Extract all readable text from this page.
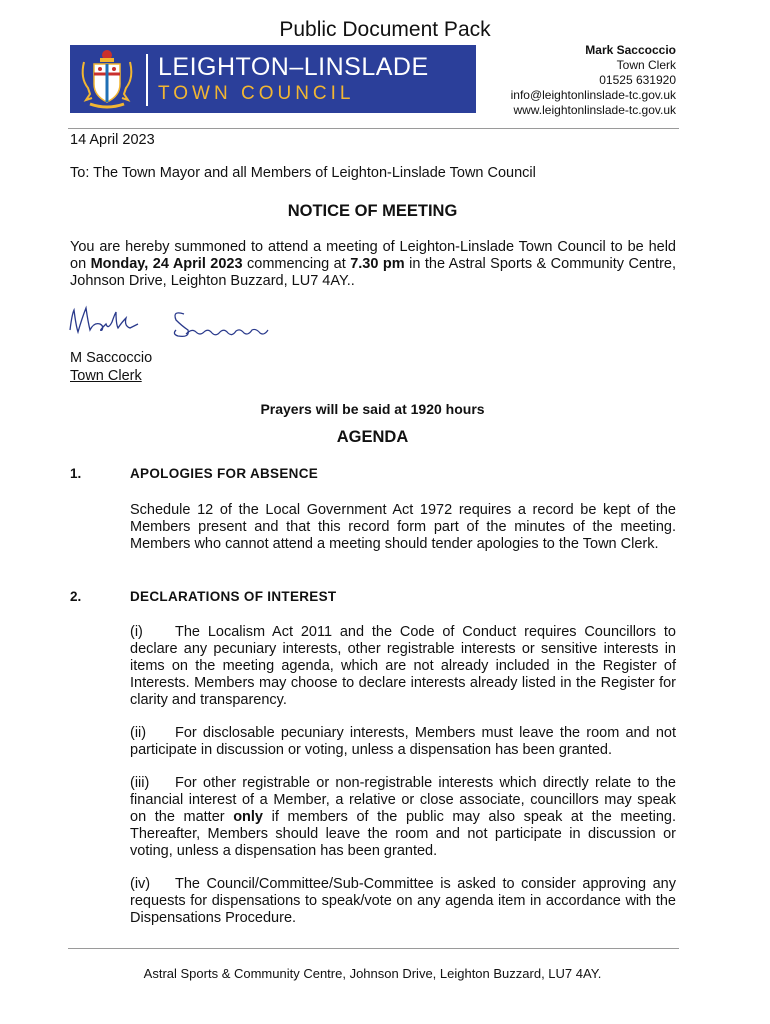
Public Document Pack
LEIGHTON–LINSLADE
TOWN COUNCIL
Mark Saccoccio
Town Clerk
01525 631920
info@leightonlinslade-tc.gov.uk
www.leightonlinslade-tc.gov.uk
14 April 2023
To: The Town Mayor and all Members of Leighton-Linslade Town Council
NOTICE OF MEETING
You are hereby summoned to attend a meeting of Leighton-Linslade Town Council to be held on Monday, 24 April 2023 commencing at 7.30 pm in the Astral Sports & Community Centre, Johnson Drive, Leighton Buzzard, LU7 4AY..
M Saccoccio
Town Clerk
Prayers will be said at 1920 hours
AGENDA
1.	APOLOGIES FOR ABSENCE
Schedule 12 of the Local Government Act 1972 requires a record be kept of the Members present and that this record form part of the minutes of the meeting. Members who cannot attend a meeting should tender apologies to the Town Clerk.
2.	DECLARATIONS OF INTEREST
(i) The Localism Act 2011 and the Code of Conduct requires Councillors to declare any pecuniary interests, other registrable interests or sensitive interests in items on the meeting agenda, which are not already included in the Register of Interests. Members may choose to declare interests already listed in the Register for clarity and transparency.
(ii) For disclosable pecuniary interests, Members must leave the room and not participate in discussion or voting, unless a dispensation has been granted.
(iii) For other registrable or non-registrable interests which directly relate to the financial interest of a Member, a relative or close associate, councillors may speak on the matter only if members of the public may also speak at the meeting. Thereafter, Members should leave the room and not participate in discussion or voting, unless a dispensation has been granted.
(iv) The Council/Committee/Sub-Committee is asked to consider approving any requests for dispensations to speak/vote on any agenda item in accordance with the Dispensations Procedure.
Astral Sports & Community Centre, Johnson Drive, Leighton Buzzard, LU7 4AY.
